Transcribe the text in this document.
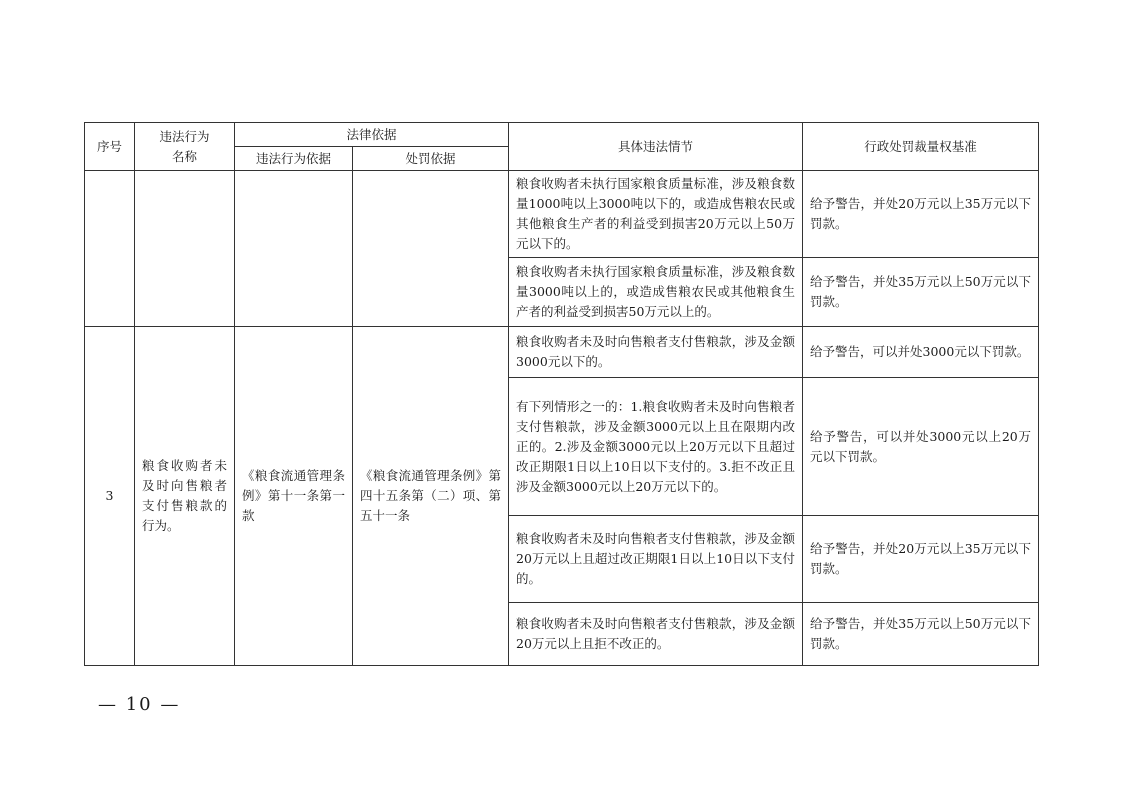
序号	违法行为名称	法律依据		具体违法情节	行政处罚裁量权基准
		违法行为依据	处罚依据		
				粮食收购者未执行国家粮食质量标准，涉及粮食数量1000吨以上3000吨以下的，或造成售粮农民或其他粮食生产者的利益受到损害20万元以上50万元以下的。	给予警告，并处20万元以上35万元以下罚款。
				粮食收购者未执行国家粮食质量标准，涉及粮食数量3000吨以上的，或造成售粮农民或其他粮食生产者的利益受到损害50万元以上的。	给予警告，并处35万元以上50万元以下罚款。
3	粮食收购者未及时向售粮者支付售粮款的行为。	《粮食流通管理条例》第十一条第一款	《粮食流通管理条例》第四十五条第（二）项、第五十一条	粮食收购者未及时向售粮者支付售粮款，涉及金额3000元以下的。	给予警告，可以并处3000元以下罚款。
				有下列情形之一的：1.粮食收购者未及时向售粮者支付售粮款，涉及金额3000元以上且在限期内改正的。2.涉及金额3000元以上20万元以下且超过改正期限1日以上10日以下支付的。3.拒不改正且涉及金额3000元以上20万元以下的。	给予警告，可以并处3000元以上20万元以下罚款。
				粮食收购者未及时向售粮者支付售粮款，涉及金额20万元以上且超过改正期限1日以上10日以下支付的。	给予警告，并处20万元以上35万元以下罚款。
				粮食收购者未及时向售粮者支付售粮款，涉及金额20万元以上且拒不改正的。	给予警告，并处35万元以上50万元以下罚款。
— 10 —
